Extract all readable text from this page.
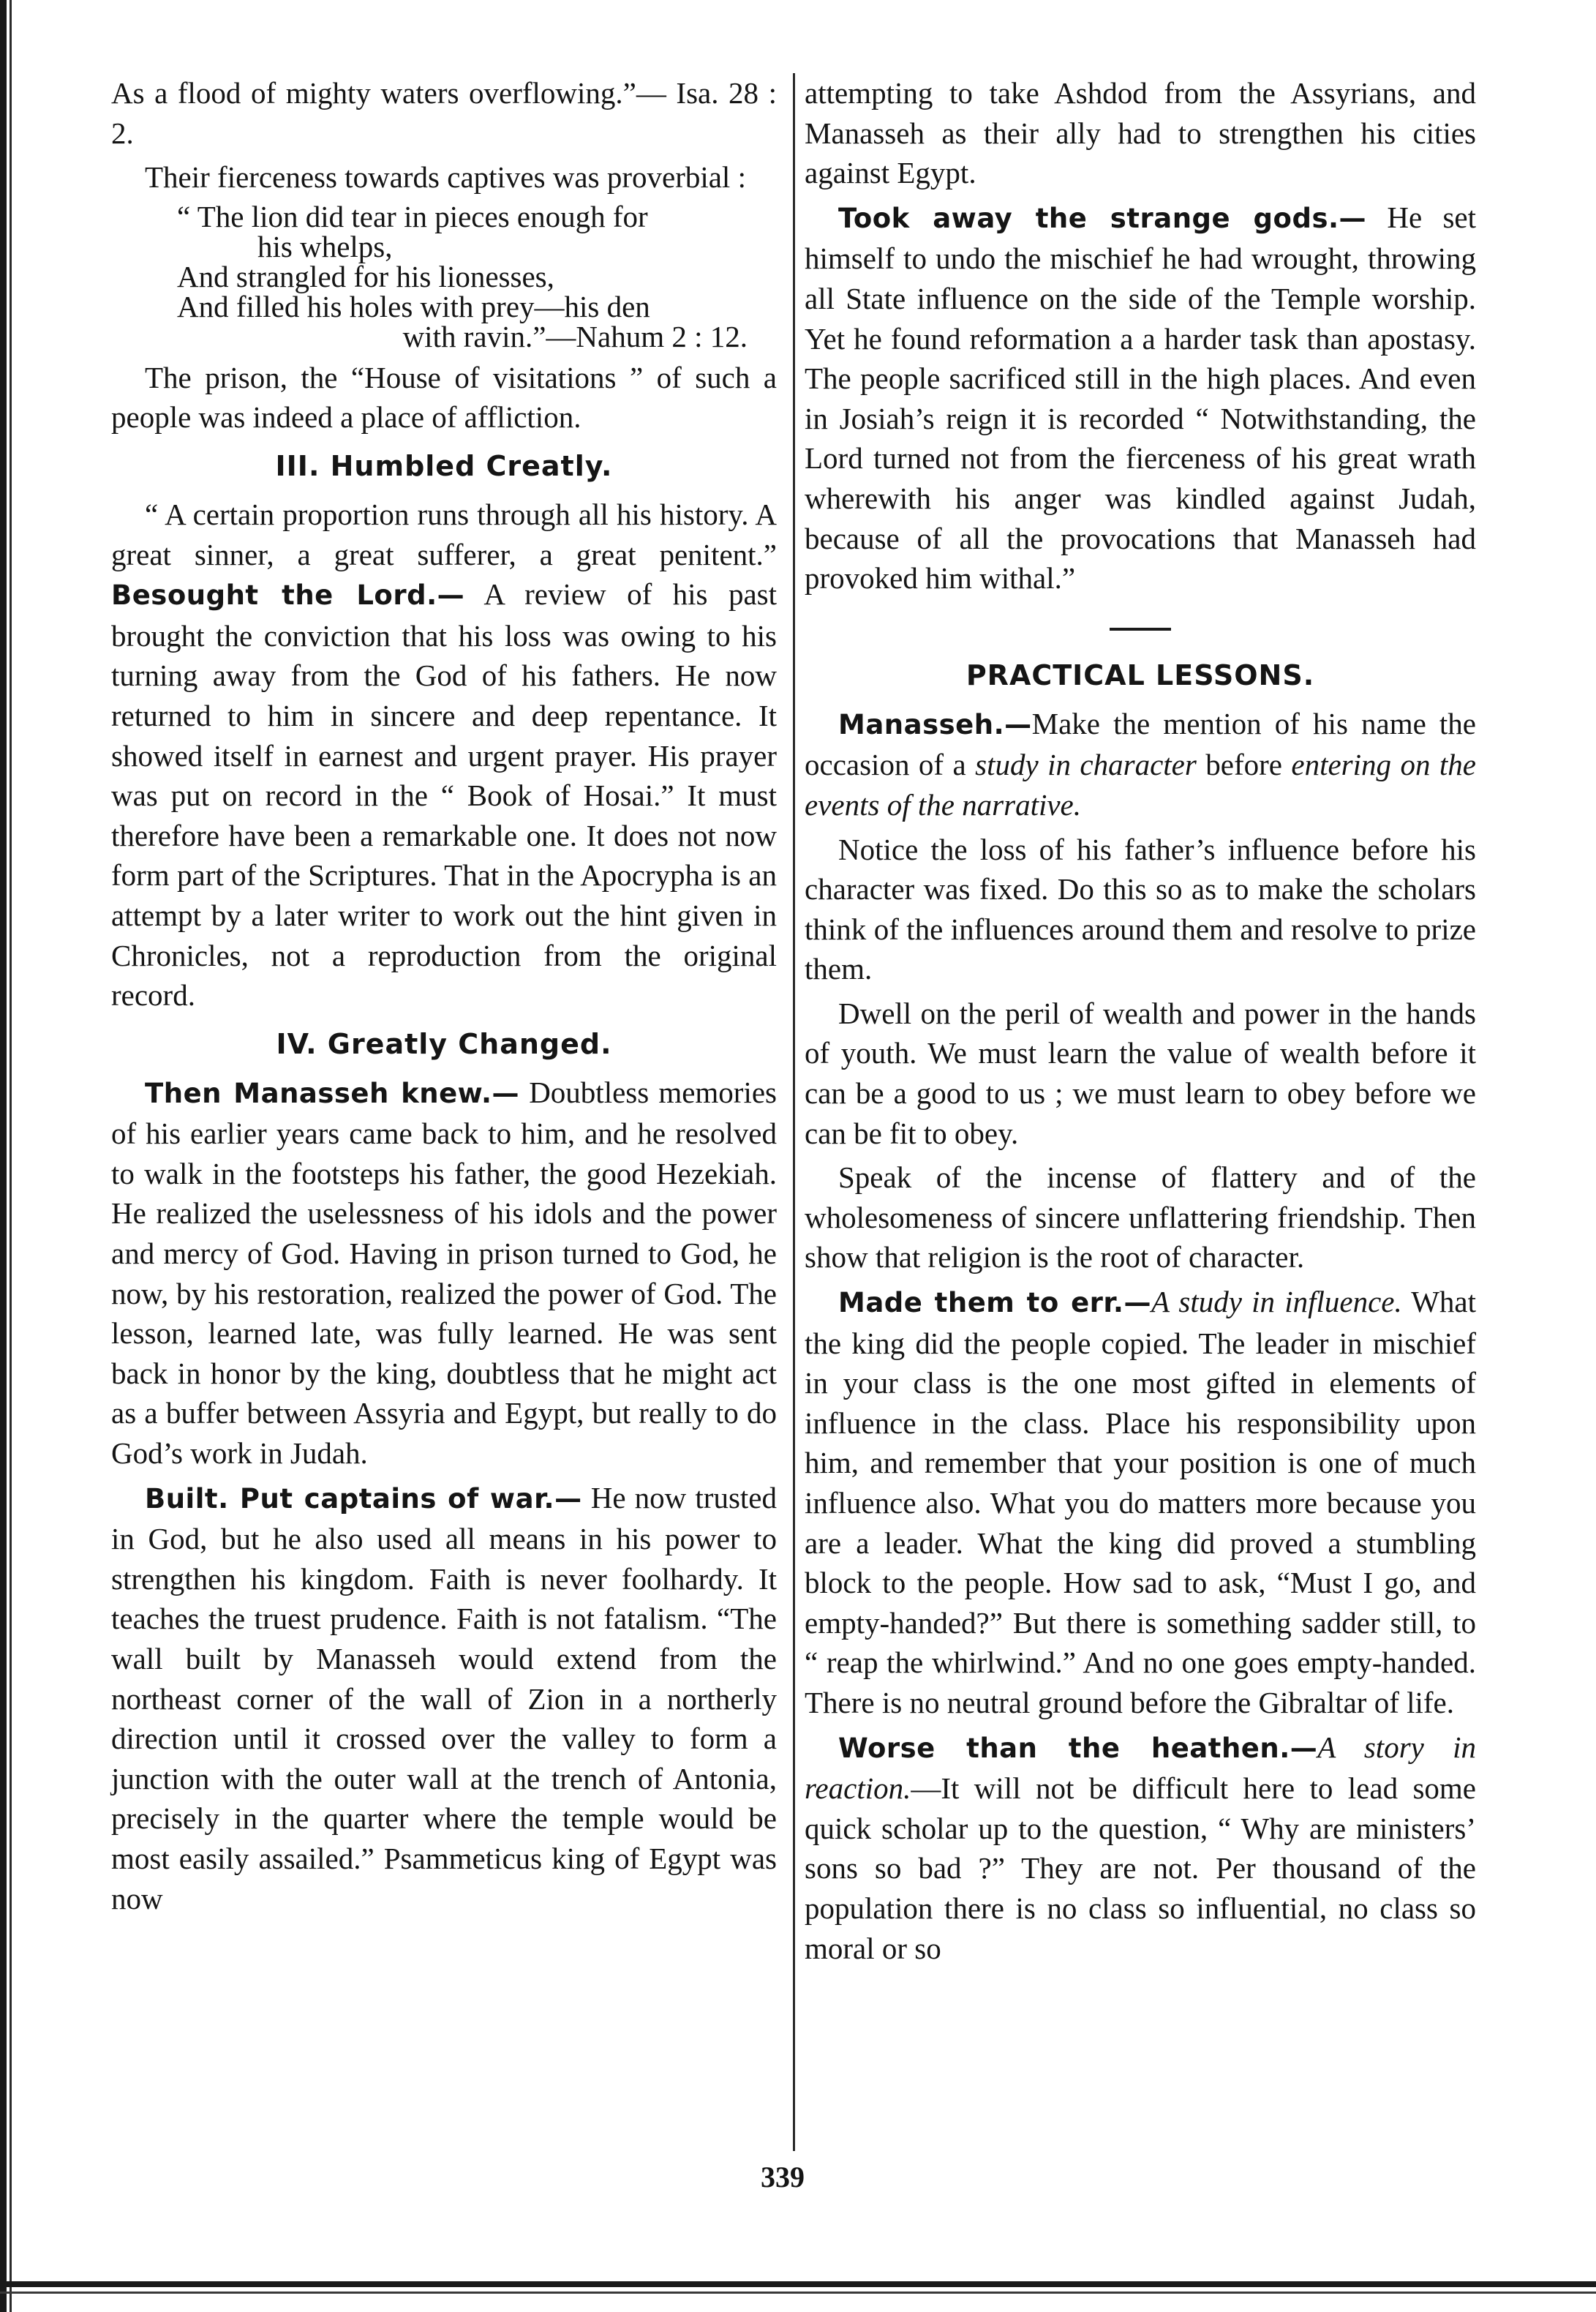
As a flood of mighty waters overflowing.”— Isa. 28 : 2.

Their fierceness towards captives was proverbial :

“ The lion did tear in pieces enough for
his whelps,
And strangled for his lionesses,
And filled his holes with prey—his den
with ravin.”—Nahum 2 : 12.

The prison, the “House of visitations ” of such a people was indeed a place of affliction.

III. Humbled Creatly.

“ A certain proportion runs through all his history. A great sinner, a great sufferer, a great penitent.” Besought the Lord.— A review of his past brought the conviction that his loss was owing to his turning away from the God of his fathers. He now returned to him in sincere and deep repentance. It showed itself in earnest and urgent prayer. His prayer was put on record in the “ Book of Hosai.” It must therefore have been a remarkable one. It does not now form part of the Scriptures. That in the Apocrypha is an attempt by a later writer to work out the hint given in Chronicles, not a reproduction from the original record.

IV. Greatly Changed.

Then Manasseh knew.— Doubtless memories of his earlier years came back to him, and he resolved to walk in the footsteps his father, the good Hezekiah. He realized the uselessness of his idols and the power and mercy of God. Having in prison turned to God, he now, by his restoration, realized the power of God. The lesson, learned late, was fully learned. He was sent back in honor by the king, doubtless that he might act as a buffer between Assyria and Egypt, but really to do God’s work in Judah.

Built. Put captains of war.— He now trusted in God, but he also used all means in his power to strengthen his kingdom. Faith is never foolhardy. It teaches the truest prudence. Faith is not fatalism. “The wall built by Manasseh would extend from the northeast corner of the wall of Zion in a northerly direction until it crossed over the valley to form a junction with the outer wall at the trench of Antonia, precisely in the quarter where the temple would be most easily assailed.” Psammeticus king of Egypt was now

attempting to take Ashdod from the Assyrians, and Manasseh as their ally had to strengthen his cities against Egypt.

Took away the strange gods.— He set himself to undo the mischief he had wrought, throwing all State influence on the side of the Temple worship. Yet he found reformation a a harder task than apostasy. The people sacrificed still in the high places. And even in Josiah’s reign it is recorded “ Notwithstanding, the Lord turned not from the fierceness of his great wrath wherewith his anger was kindled against Judah, because of all the provocations that Manasseh had provoked him withal.”

PRACTICAL LESSONS.

Manasseh.—Make the mention of his name the occasion of a study in character before entering on the events of the narrative.

Notice the loss of his father’s influence before his character was fixed. Do this so as to make the scholars think of the influences around them and resolve to prize them.

Dwell on the peril of wealth and power in the hands of youth. We must learn the value of wealth before it can be a good to us ; we must learn to obey before we can be fit to obey.

Speak of the incense of flattery and of the wholesomeness of sincere unflattering friendship. Then show that religion is the root of character.

Made them to err.—A study in influence. What the king did the people copied. The leader in mischief in your class is the one most gifted in elements of influence in the class. Place his responsibility upon him, and remember that your position is one of much influence also. What you do matters more because you are a leader. What the king did proved a stumbling block to the people. How sad to ask, “Must I go, and empty-handed?” But there is something sadder still, to “ reap the whirlwind.” And no one goes empty-handed. There is no neutral ground before the Gibraltar of life.

Worse than the heathen.—A story in reaction.—It will not be difficult here to lead some quick scholar up to the question, “ Why are ministers’ sons so bad ?” They are not. Per thousand of the population there is no class so influential, no class so moral or so

339
